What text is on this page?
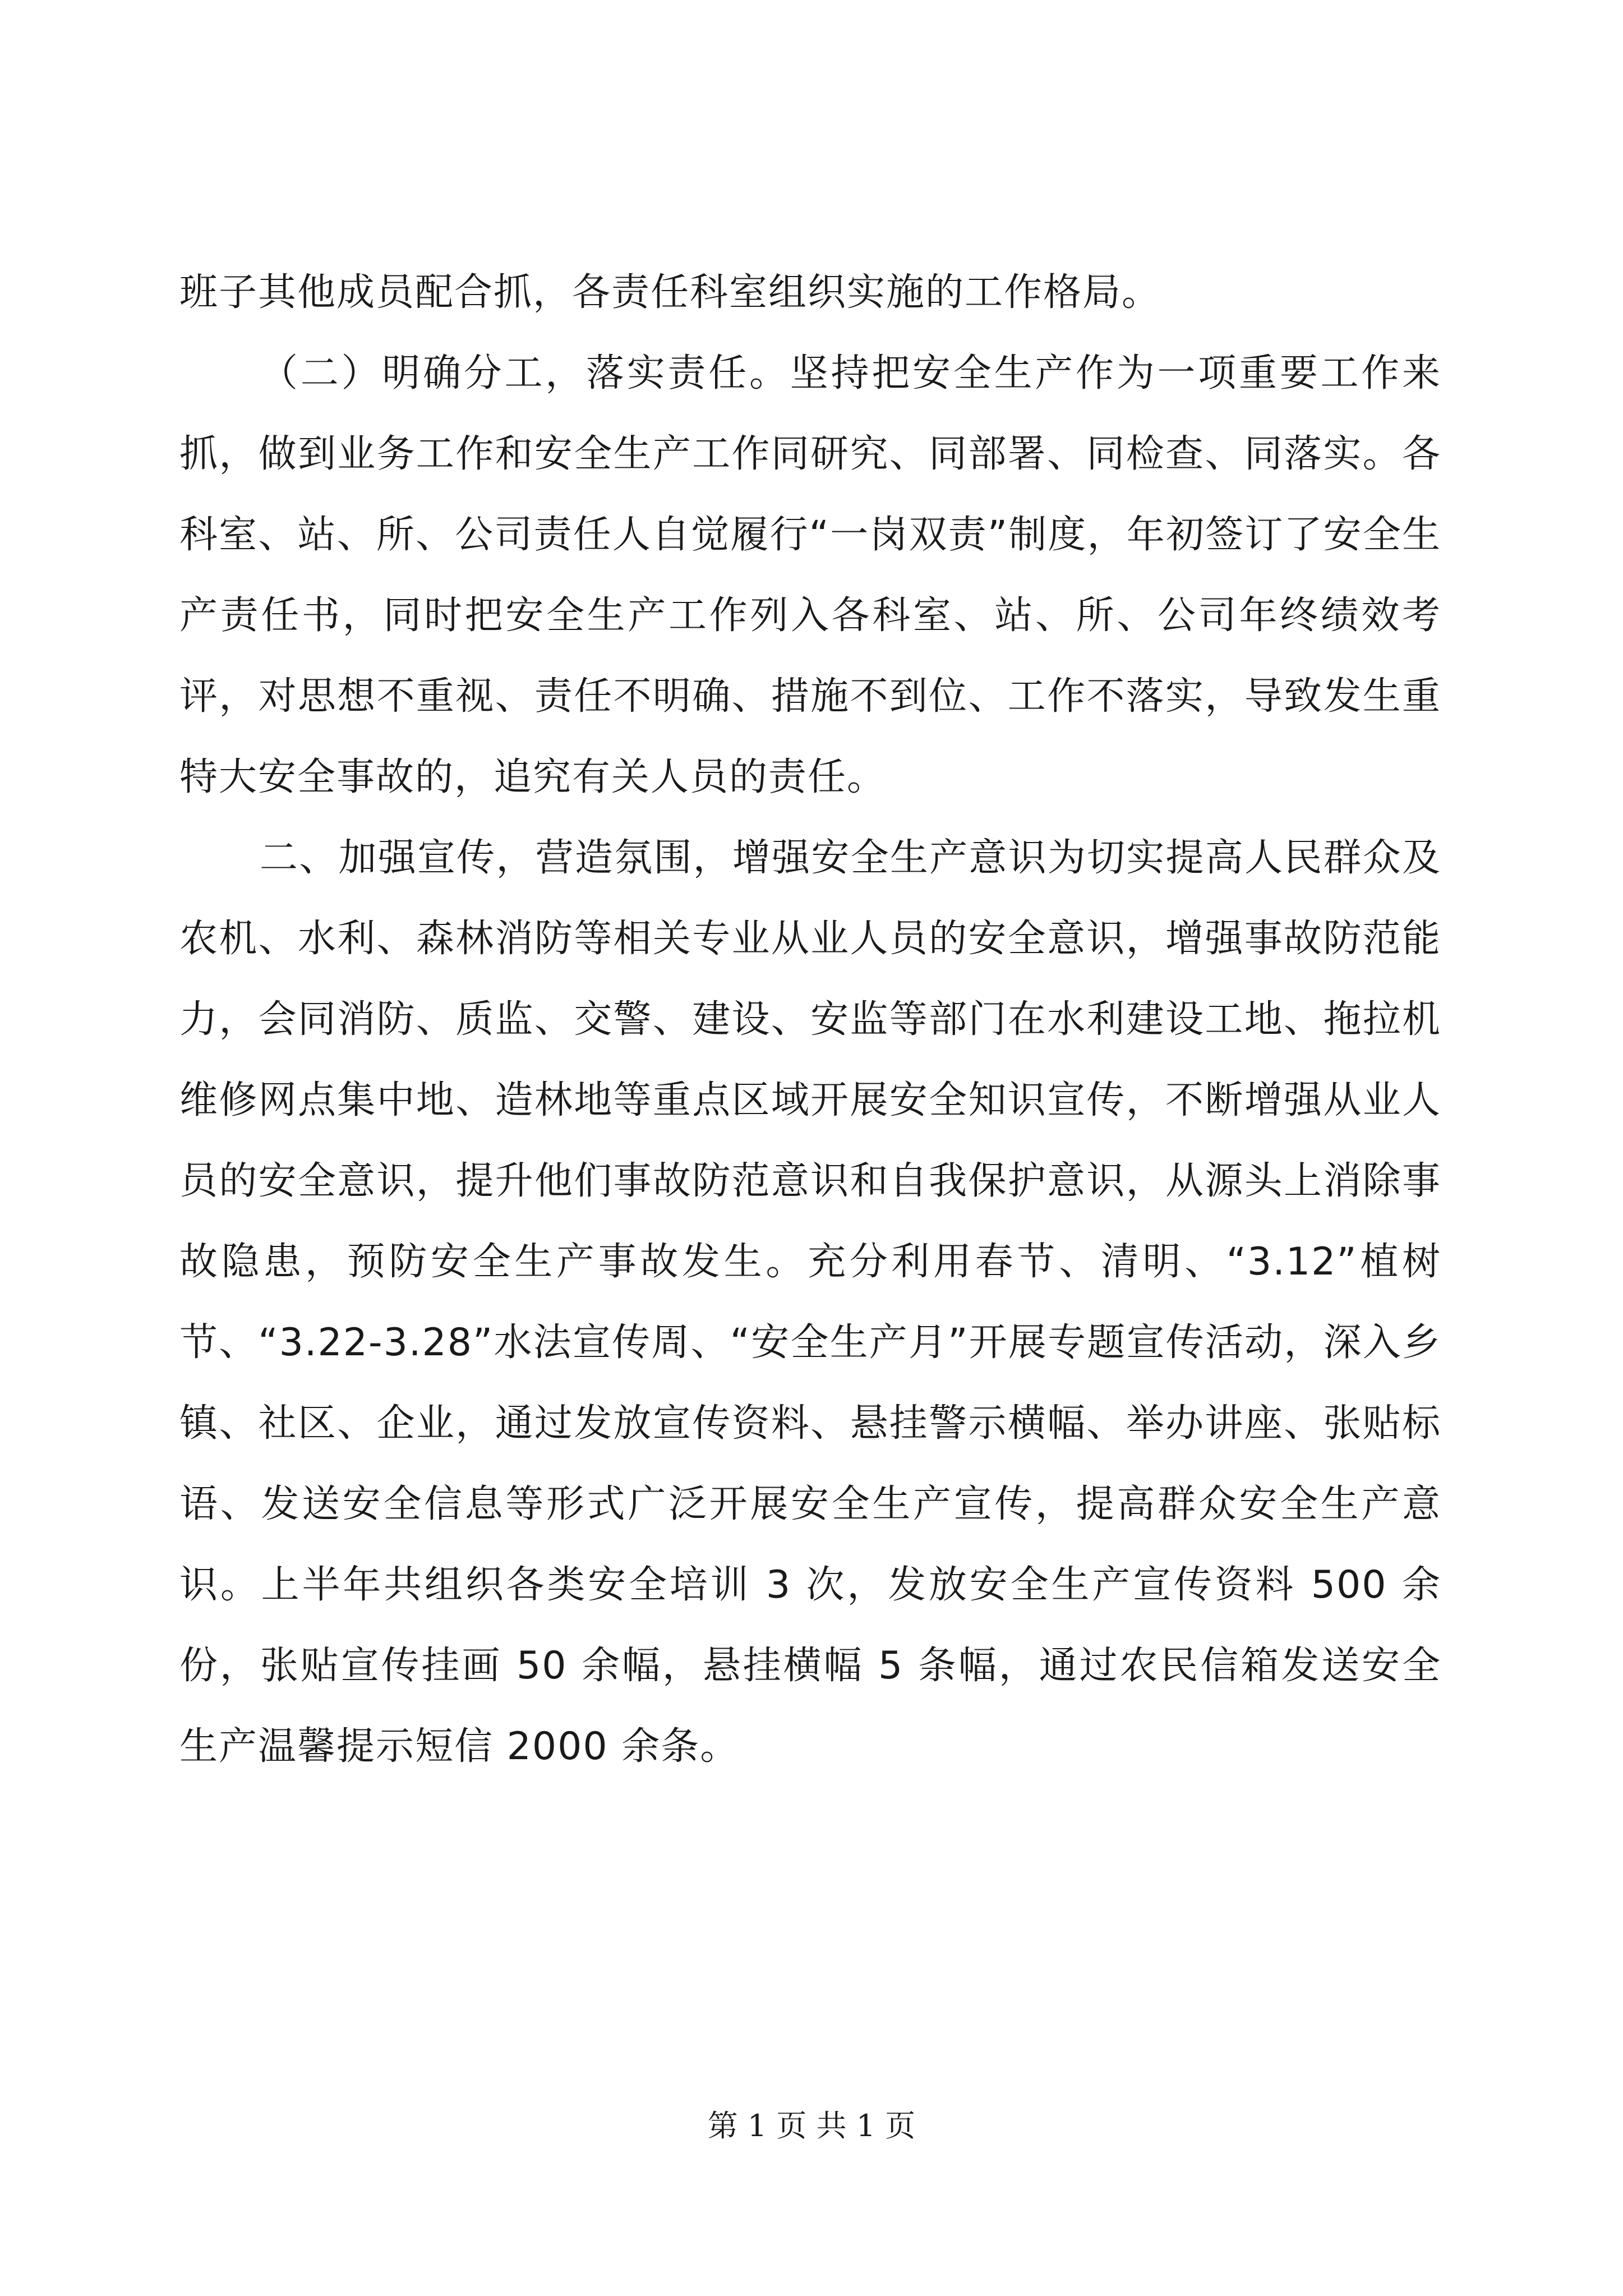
班子其他成员配合抓，各责任科室组织实施的工作格局。

（二）明确分工，落实责任。坚持把安全生产作为一项重要工作来抓，做到业务工作和安全生产工作同研究、同部署、同检查、同落实。各科室、站、所、公司责任人自觉履行“一岗双责”制度，年初签订了安全生产责任书，同时把安全生产工作列入各科室、站、所、公司年终绩效考评，对思想不重视、责任不明确、措施不到位、工作不落实，导致发生重特大安全事故的，追究有关人员的责任。

二、加强宣传，营造氛围，增强安全生产意识为切实提高人民群众及农机、水利、森林消防等相关专业从业人员的安全意识，增强事故防范能力，会同消防、质监、交警、建设、安监等部门在水利建设工地、拖拉机维修网点集中地、造林地等重点区域开展安全知识宣传，不断增强从业人员的安全意识，提升他们事故防范意识和自我保护意识，从源头上消除事故隐患，预防安全生产事故发生。充分利用春节、清明、“3.12”植树节、“3.22-3.28”水法宣传周、“安全生产月”开展专题宣传活动，深入乡镇、社区、企业，通过发放宣传资料、悬挂警示横幅、举办讲座、张贴标语、发送安全信息等形式广泛开展安全生产宣传，提高群众安全生产意识。上半年共组织各类安全培训 3 次，发放安全生产宣传资料 500 余份，张贴宣传挂画 50 余幅，悬挂横幅 5 条幅，通过农民信箱发送安全生产温馨提示短信 2000 余条。

第 1 页 共 1 页
